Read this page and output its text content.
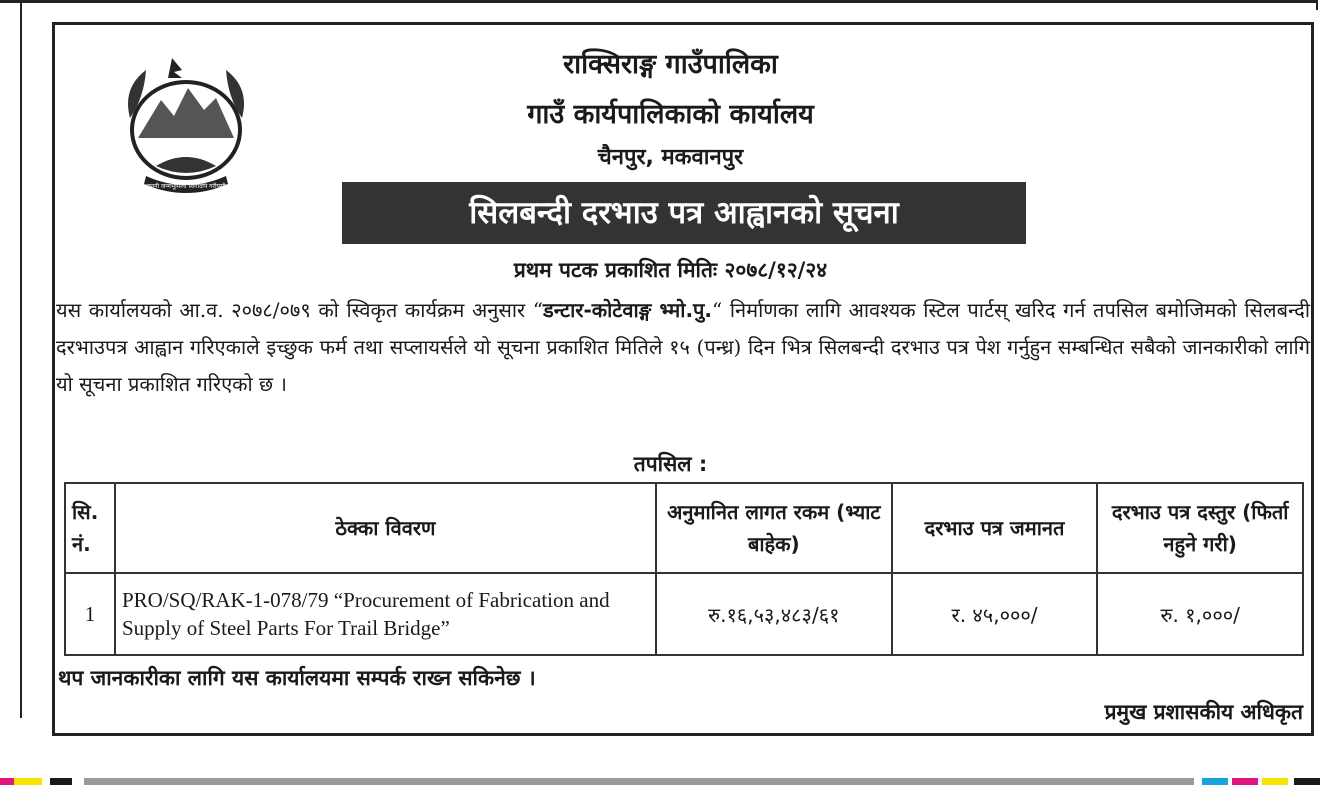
जननी जन्मभूमिश्च स्वर्गादपि गरीयसी
राक्सिराङ्ग गाउँपालिका
गाउँ कार्यपालिकाको कार्यालय
चैनपुर, मकवानपुर
सिलबन्दी दरभाउ पत्र आह्वानको सूचना
प्रथम पटक प्रकाशित मितिः २०७८/१२/२४
यस कार्यालयको आ.व. २०७८/०७९ को स्विकृत कार्यक्रम अनुसार “डन्टार-कोटेवाङ्ग भ्मो.पु.“ निर्माणका लागि आवश्यक स्टिल पार्टस् खरिद गर्न तपसिल बमोजिमको सिलबन्दी दरभाउपत्र आह्वान गरिएकाले इच्छुक फर्म तथा सप्लायर्सले यो सूचना प्रकाशित मितिले १५ (पन्ध्र) दिन भित्र सिलबन्दी दरभाउ पत्र पेश गर्नुहुन सम्बन्धित सबैको जानकारीको लागि यो सूचना प्रकाशित गरिएको छ ।
तपसिल :
सि. नं.	ठेक्का विवरण	अनुमानित लागत रकम (भ्याट बाहेक)	दरभाउ पत्र जमानत	दरभाउ पत्र दस्तुर (फिर्ता नहुने गरी)
1	PRO/SQ/RAK-1-078/79 “Procurement of Fabrication and Supply of Steel Parts For Trail Bridge”	रु.१६,५३,४८३/६१	र. ४५,०००/	रु. १,०००/
थप जानकारीका लागि यस कार्यालयमा सम्पर्क राख्न सकिनेछ ।
प्रमुख प्रशासकीय अधिकृत
